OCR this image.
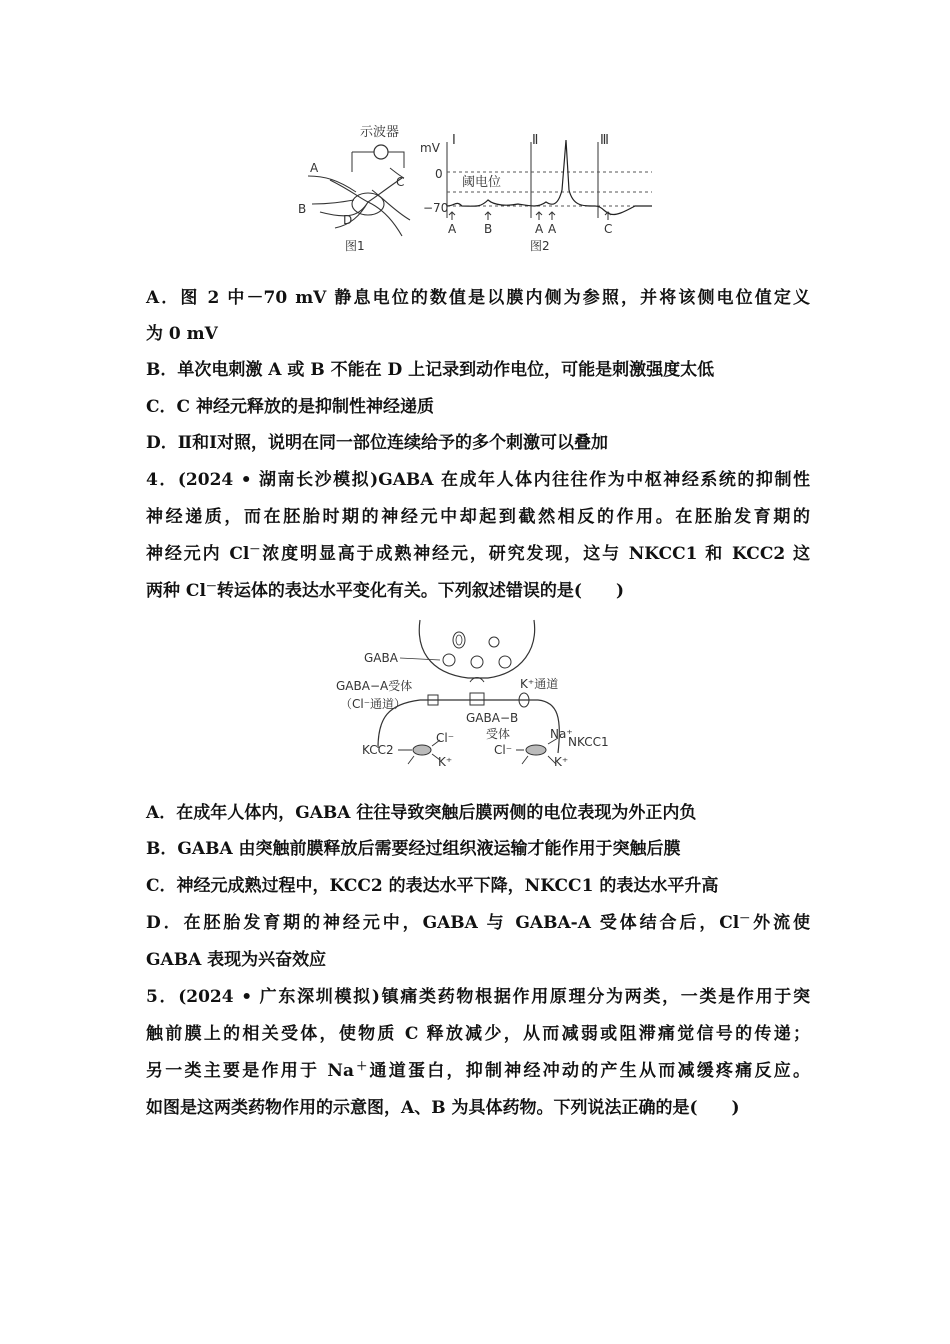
示波器
A
B
C
D
图1
mV Ⅰ	Ⅱ	Ⅲ
0
−70
阈电位
A B	A A	C
图2
A．图 2 中－70 mV 静息电位的数值是以膜内侧为参照，并将该侧电位值定义
为 0 mV
B．单次电刺激 A 或 B 不能在 D 上记录到动作电位，可能是刺激强度太低
C．C 神经元释放的是抑制性神经递质
D．Ⅱ和Ⅰ对照，说明在同一部位连续给予的多个刺激可以叠加
4．(2024 • 湖南长沙模拟)GABA 在成年人体内往往作为中枢神经系统的抑制性
神经递质，而在胚胎时期的神经元中却起到截然相反的作用。在胚胎发育期的
神经元内 Cl－浓度明显高于成熟神经元，研究发现，这与 NKCC1 和 KCC2 这
两种 Cl－转运体的表达水平变化有关。下列叙述错误的是(　　)
GABA
GABA−A受体
（Cl⁻通道）
K⁺通道
GABA−B
受体
KCC2
Cl⁻
K⁺
Na⁺
NKCC1
Cl⁻
K⁺
A．在成年人体内，GABA 往往导致突触后膜两侧的电位表现为外正内负
B．GABA 由突触前膜释放后需要经过组织液运输才能作用于突触后膜
C．神经元成熟过程中，KCC2 的表达水平下降，NKCC1 的表达水平升高
D．在胚胎发育期的神经元中，GABA 与 GABA-A 受体结合后，Cl－外流使
GABA 表现为兴奋效应
5．(2024 • 广东深圳模拟)镇痛类药物根据作用原理分为两类，一类是作用于突
触前膜上的相关受体，使物质 C 释放减少，从而减弱或阻滞痛觉信号的传递；
另一类主要是作用于 Na＋通道蛋白，抑制神经冲动的产生从而减缓疼痛反应。
如图是这两类药物作用的示意图，A、B 为具体药物。下列说法正确的是(　　)
